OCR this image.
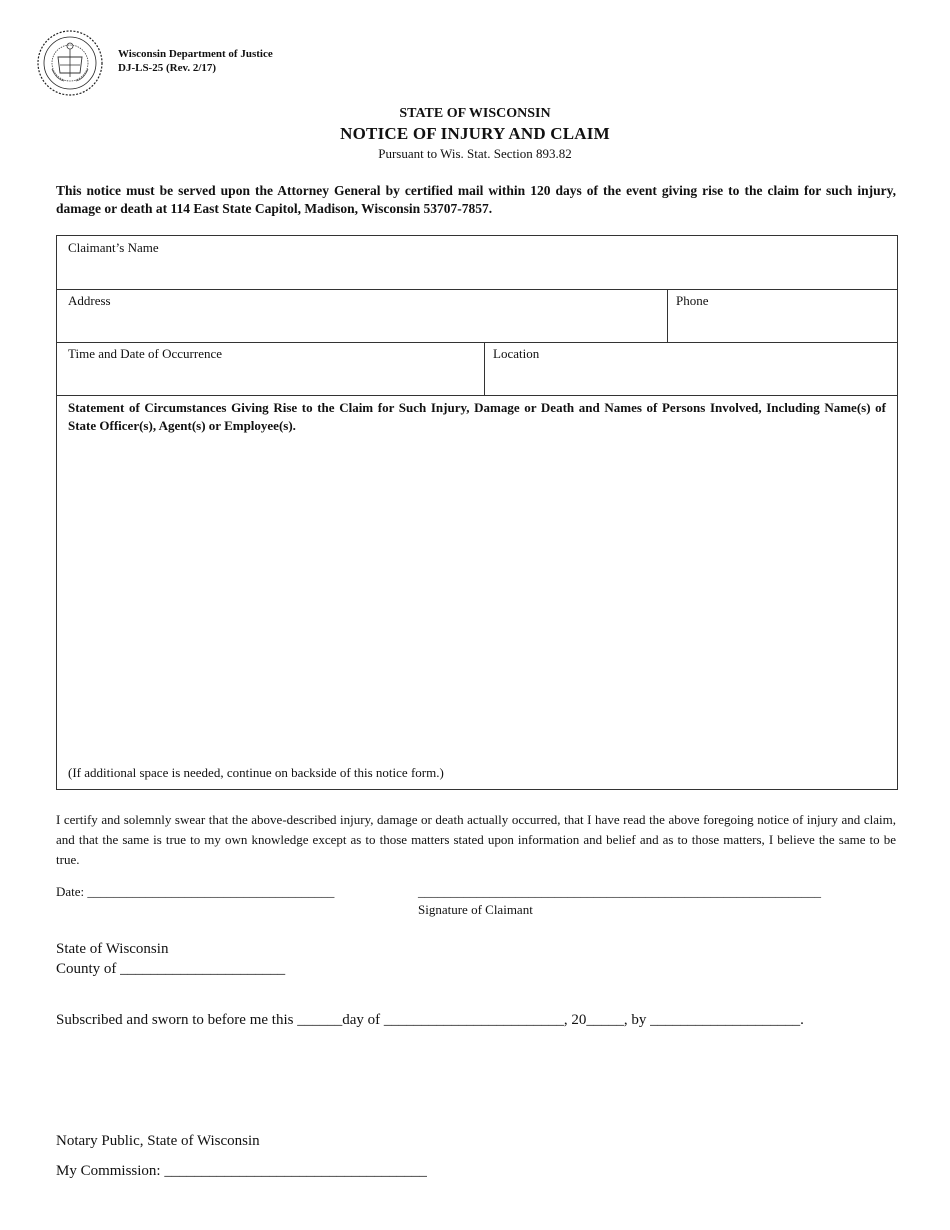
Wisconsin Department of Justice
DJ-LS-25 (Rev. 2/17)
STATE OF WISCONSIN
NOTICE OF INJURY AND CLAIM
Pursuant to Wis. Stat. Section 893.82
This notice must be served upon the Attorney General by certified mail within 120 days of the event giving rise to the claim for such injury, damage or death at 114 East State Capitol, Madison, Wisconsin 53707-7857.
Claimant’s Name
Address	Phone
Time and Date of Occurrence	Location
Statement of Circumstances Giving Rise to the Claim for Such Injury, Damage or Death and Names of Persons Involved, Including Name(s) of State Officer(s), Agent(s) or Employee(s).
(If additional space is needed, continue on backside of this notice form.)
I certify and solemnly swear that the above-described injury, damage or death actually occurred, that I have read the above foregoing notice of injury and claim, and that the same is true to my own knowledge except as to those matters stated upon information and belief and as to those matters, I believe the same to be true.
Date: ______________________________________	______________________________________________________________
Signature of Claimant
State of Wisconsin
County of ______________________
Subscribed and sworn to before me this ______day of ________________________, 20_____, by ____________________.
Notary Public, State of Wisconsin
My Commission: ___________________________________
